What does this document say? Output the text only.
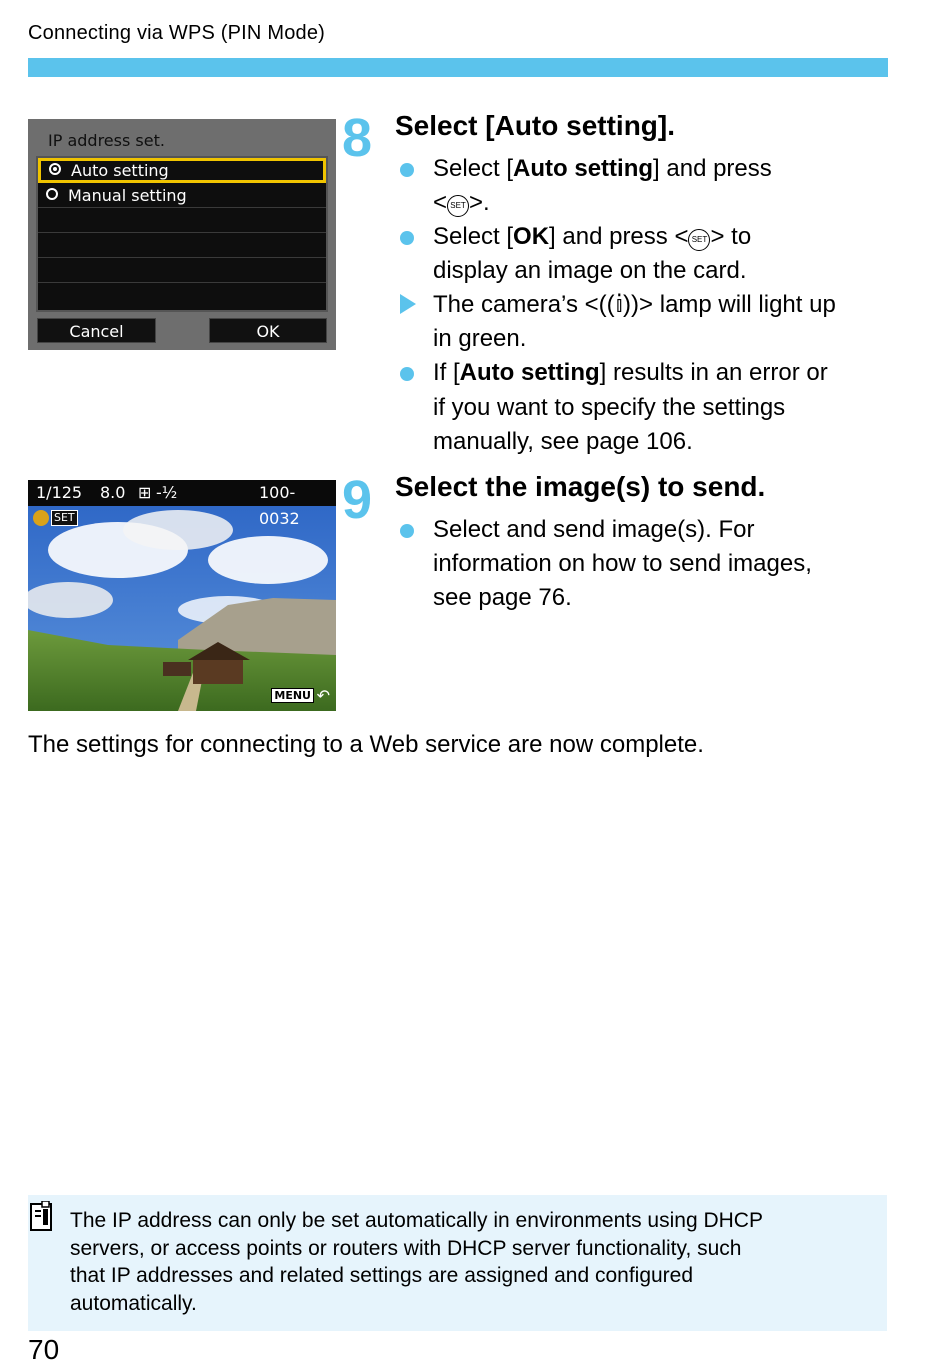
Connecting via WPS (PIN Mode)
IP address set.
Auto setting
Manual setting
Cancel	OK
1/125 8.0 ⊞ -½	100-0032
SET
MENU ↶
8 Select [Auto setting].
Select [Auto setting] and press
< SET >.
Select [OK] and press < SET > to
display an image on the card.
The camera’s <((𝕚))> lamp will light up
in green.
If [Auto setting] results in an error or
if you want to specify the settings
manually, see page 106.
9 Select the image(s) to send.
Select and send image(s). For
information on how to send images,
see page 76.
The settings for connecting to a Web service are now complete.
The IP address can only be set automatically in environments using DHCP
servers, or access points or routers with DHCP server functionality, such
that IP addresses and related settings are assigned and configured
automatically.
70
